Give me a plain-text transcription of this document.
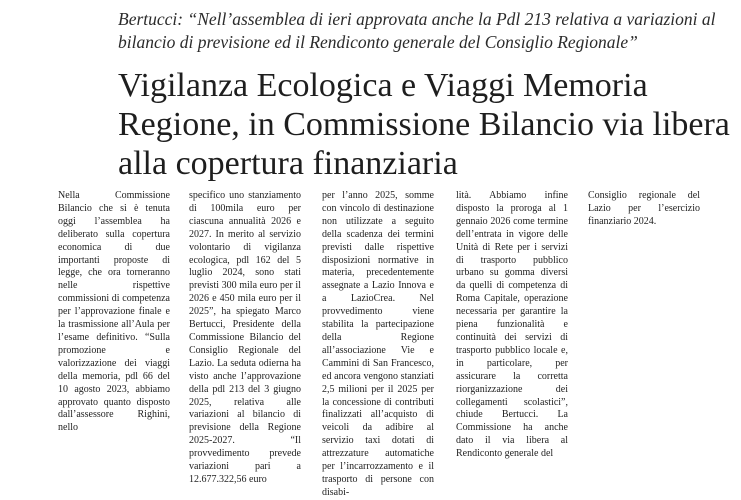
Bertucci: “Nell’assemblea di ieri approvata anche la Pdl 213 relativa a variazioni al bilancio di previsione ed il Rendiconto generale del Consiglio Regionale”
Vigilanza Ecologica e Viaggi Memoria Regione, in Commissione Bilancio via libera alla copertura finanziaria
Nella Commissione Bilancio che si è tenuta oggi l’assemblea ha deliberato sulla copertura economica di due importanti proposte di legge, che ora torneranno nelle rispettive commissioni di competenza per l’approvazione finale e la trasmissione all’Aula per l’esame definitivo. “Sulla promozione e valorizzazione dei viaggi della memoria, pdl 66 del 10 agosto 2023, abbiamo approvato quanto disposto dall’assessore Righini, nello
specifico uno stanziamento di 100mila euro per ciascuna annualità 2026 e 2027. In merito al servizio volontario di vigilanza ecologica, pdl 162 del 5 luglio 2024, sono stati previsti 300 mila euro per il 2026 e 450 mila euro per il 2025”, ha spiegato Marco Bertucci, Presidente della Commissione Bilancio del Consiglio Regionale del Lazio. La seduta odierna ha visto anche l’approvazione della pdl 213 del 3 giugno 2025, relativa alle variazioni al bilancio di previsione della Regione 2025-2027. “Il provvedimento prevede variazioni pari a 12.677.322,56 euro
per l’anno 2025, somme con vincolo di destinazione non utilizzate a seguito della scadenza dei termini previsti dalle rispettive disposizioni normative in materia, precedentemente assegnate a Lazio Innova e a LazioCrea. Nel provvedimento viene stabilita la partecipazione della Regione all’associazione Vie e Cammini di San Francesco, ed ancora vengono stanziati 2,5 milioni per il 2025 per la concessione di contributi finalizzati all’acquisto di veicoli da adibire al servizio taxi dotati di attrezzature automatiche per l’incarrozzamento e il trasporto di persone con disabi-
lità. Abbiamo infine disposto la proroga al 1 gennaio 2026 come termine dell’entrata in vigore delle Unità di Rete per i servizi di trasporto pubblico urbano su gomma diversi da quelli di competenza di Roma Capitale, operazione necessaria per garantire la piena funzionalità e continuità dei servizi di trasporto pubblico locale e, in particolare, per assicurare la corretta riorganizzazione dei collegamenti scolastici”, chiude Bertucci. La Commissione ha anche dato il via libera al Rendiconto generale del
Consiglio regionale del Lazio per l’esercizio finanziario 2024.
